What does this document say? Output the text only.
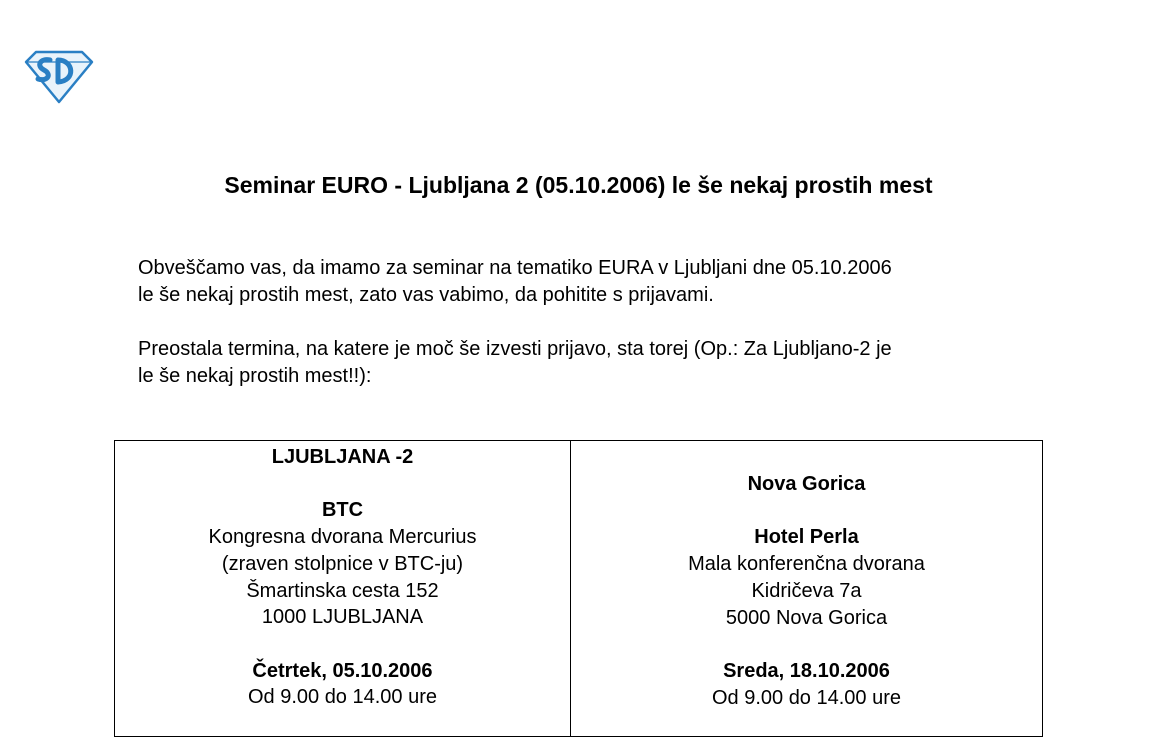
Seminar EURO - Ljubljana 2 (05.10.2006) le še nekaj prostih mest
Obveščamo vas, da imamo za seminar na tematiko EURA v Ljubljani dne 05.10.2006
le še nekaj prostih mest, zato vas vabimo, da pohitite s prijavami.
Preostala termina, na katere je moč še izvesti prijavo, sta torej (Op.: Za Ljubljano-2 je
le še nekaj prostih mest!!):
LJUBLJANA -2
BTC
Kongresna dvorana Mercurius
(zraven stolpnice v BTC-ju)
Šmartinska cesta 152
1000 LJUBLJANA
Četrtek, 05.10.2006
Od 9.00 do 14.00 ure
Nova Gorica
Hotel Perla
Mala konferenčna dvorana
Kidričeva 7a
5000 Nova Gorica
Sreda, 18.10.2006
Od 9.00 do 14.00 ure
